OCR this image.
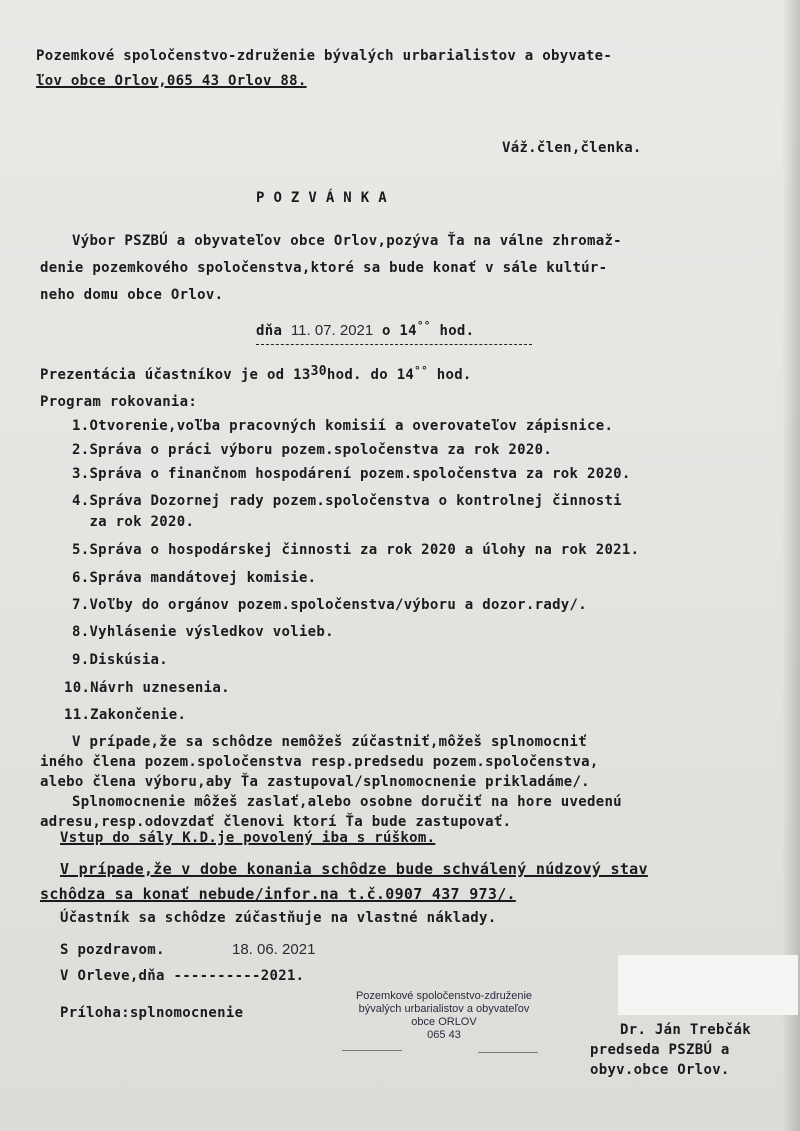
Pozemkové spoločenstvo-združenie bývalých urbarialistov a obyvate-
ľov obce Orlov,065 43 Orlov 88.
Váž.člen,členka.
P O Z V Á N K A
Výbor PSZBÚ a obyvateľov obce Orlov,pozýva Ťa na válne zhromaž-
denie pozemkového spoločenstva,ktoré sa bude konať v sále kultúr-
neho domu obce Orlov.
dňa 11. 07. 2021 o 14°° hod.
Prezentácia účastníkov je od 1330hod. do 14°° hod.
Program rokovania:
1.Otvorenie,voľba pracovných komisií a overovateľov zápisnice.
2.Správa o práci výboru pozem.spoločenstva za rok 2020.
3.Správa o finančnom hospodárení pozem.spoločenstva za rok 2020.
4.Správa Dozornej rady pozem.spoločenstva o kontrolnej činnosti
za rok 2020.
5.Správa o hospodárskej činnosti za rok 2020 a úlohy na rok 2021.
6.Správa mandátovej komisie.
7.Voľby do orgánov pozem.spoločenstva/výboru a dozor.rady/.
8.Vyhlásenie výsledkov volieb.
9.Diskúsia.
10.Návrh uznesenia.
11.Zakončenie.
V prípade,že sa schôdze nemôžeš zúčastniť,môžeš splnomocniť
iného člena pozem.spoločenstva resp.predsedu pozem.spoločenstva,
alebo člena výboru,aby Ťa zastupoval/splnomocnenie prikladáme/.
Splnomocnenie môžeš zaslať,alebo osobne doručiť na hore uvedenú
adresu,resp.odovzdať členovi ktorí Ťa bude zastupovať.
Vstup do sály K.D.je povolený iba s rúškom.
V prípade,že v dobe konania schôdze bude schválený núdzový stav
schôdza sa konať nebude/infor.na t.č.0907 437 973/.
Účastník sa schôdze zúčastňuje na vlastné náklady.
S pozdravom.	18. 06. 2021
V Orleve,dňa ----------2021.
Príloha:splnomocnenie
Pozemkové spoločenstvo-združenie
bývalých urbarialistov a obyvateľov
obce ORLOV
065 43	Dr. Ján Trebčák
predseda PSZBÚ a
obyv.obce Orlov.
